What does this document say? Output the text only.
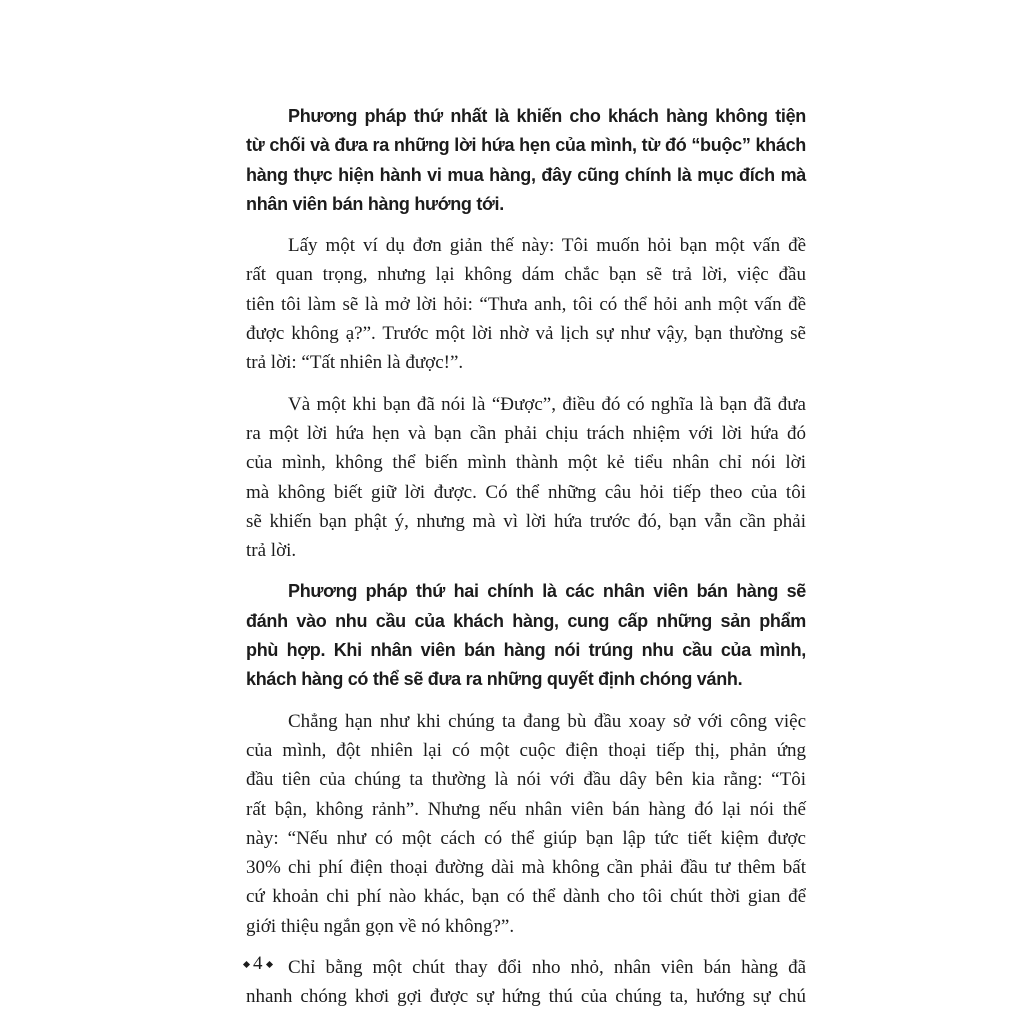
Phương pháp thứ nhất là khiến cho khách hàng không tiện
từ chối và đưa ra những lời hứa hẹn của mình, từ đó “buộc” khách
hàng thực hiện hành vi mua hàng, đây cũng chính là mục đích mà
nhân viên bán hàng hướng tới.

Lấy một ví dụ đơn giản thế này: Tôi muốn hỏi bạn một vấn đề
rất quan trọng, nhưng lại không dám chắc bạn sẽ trả lời, việc đầu
tiên tôi làm sẽ là mở lời hỏi: “Thưa anh, tôi có thể hỏi anh một vấn đề
được không ạ?”. Trước một lời nhờ vả lịch sự như vậy, bạn thường sẽ
trả lời: “Tất nhiên là được!”.

Và một khi bạn đã nói là “Được”, điều đó có nghĩa là bạn đã đưa
ra một lời hứa hẹn và bạn cần phải chịu trách nhiệm với lời hứa đó
của mình, không thể biến mình thành một kẻ tiểu nhân chỉ nói lời
mà không biết giữ lời được. Có thể những câu hỏi tiếp theo của tôi
sẽ khiến bạn phật ý, nhưng mà vì lời hứa trước đó, bạn vẫn cần phải
trả lời.

Phương pháp thứ hai chính là các nhân viên bán hàng sẽ
đánh vào nhu cầu của khách hàng, cung cấp những sản phẩm
phù hợp. Khi nhân viên bán hàng nói trúng nhu cầu của mình,
khách hàng có thể sẽ đưa ra những quyết định chóng vánh.

Chẳng hạn như khi chúng ta đang bù đầu xoay sở với công việc
của mình, đột nhiên lại có một cuộc điện thoại tiếp thị, phản ứng
đầu tiên của chúng ta thường là nói với đầu dây bên kia rằng: “Tôi
rất bận, không rảnh”. Nhưng nếu nhân viên bán hàng đó lại nói thế
này: “Nếu như có một cách có thể giúp bạn lập tức tiết kiệm được
30% chi phí điện thoại đường dài mà không cần phải đầu tư thêm bất
cứ khoản chi phí nào khác, bạn có thể dành cho tôi chút thời gian để
giới thiệu ngắn gọn về nó không?”.

Chỉ bằng một chút thay đổi nho nhỏ, nhân viên bán hàng đã
nhanh chóng khơi gợi được sự hứng thú của chúng ta, hướng sự chú

4
